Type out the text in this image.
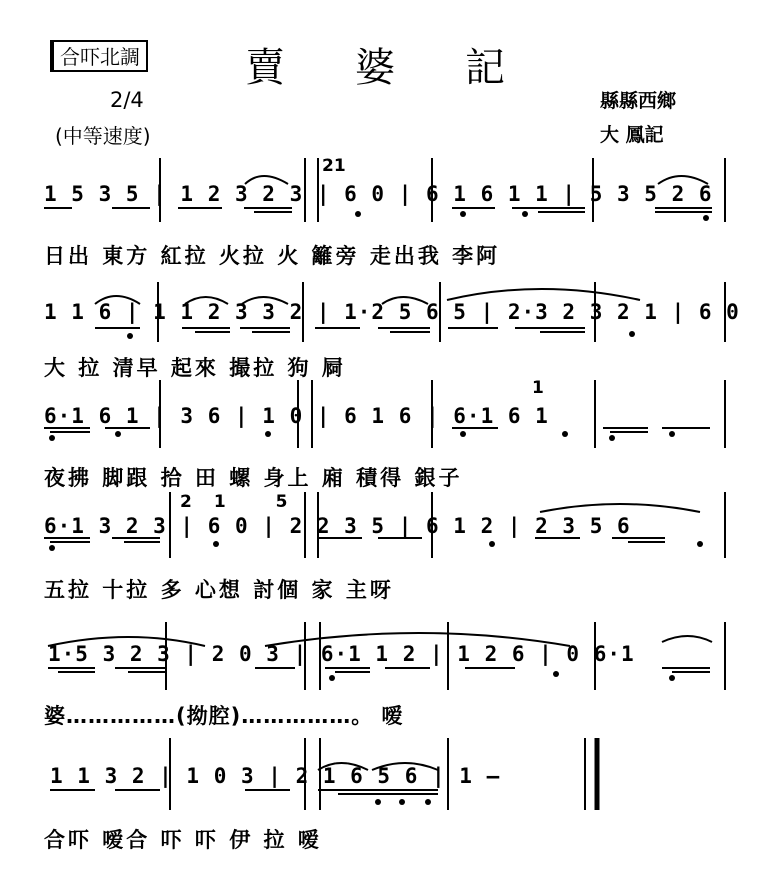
合吓北調	賣婆記
2/4
(中等速度)
縣縣西鄉
大 鳳記
21
1 5 3 5 | 1 2 3 2 3 | 6 0 | 6 1 6 1 1 | 5 3 5 2 6
日出 東方 紅拉 火拉 火 籬旁 走出我 李阿
1 1 6 | 1 1 2 3 3 2 | 1·2 5 6 5 | 2·3 2 3 2 1 | 6 0
大 拉 清早 起來 撮拉 狗 屙
1
6·1 6 1 | 3 6 | 1 0 | 6 1 6 | 6·1 6 1
夜拂 脚跟 拾 田 螺 身上 廂 積得 銀子
21 5
6·1 3 2 3 | 6 0 | 2 2 3 5 | 6 1 2 | 2 3 5 6
五拉 十拉 多 心想 討個 家 主呀
1·5 3 2 3 | 2 0 3 | 6·1 1 2 | 1 2 6 | 0 6·1
婆……………(拗腔)……………。 嗳
1 1 3 2 | 1 0 3 | 2 1 6 5 6 | 1 —
合吓 嗳合 吓 吓 伊 拉 嗳
